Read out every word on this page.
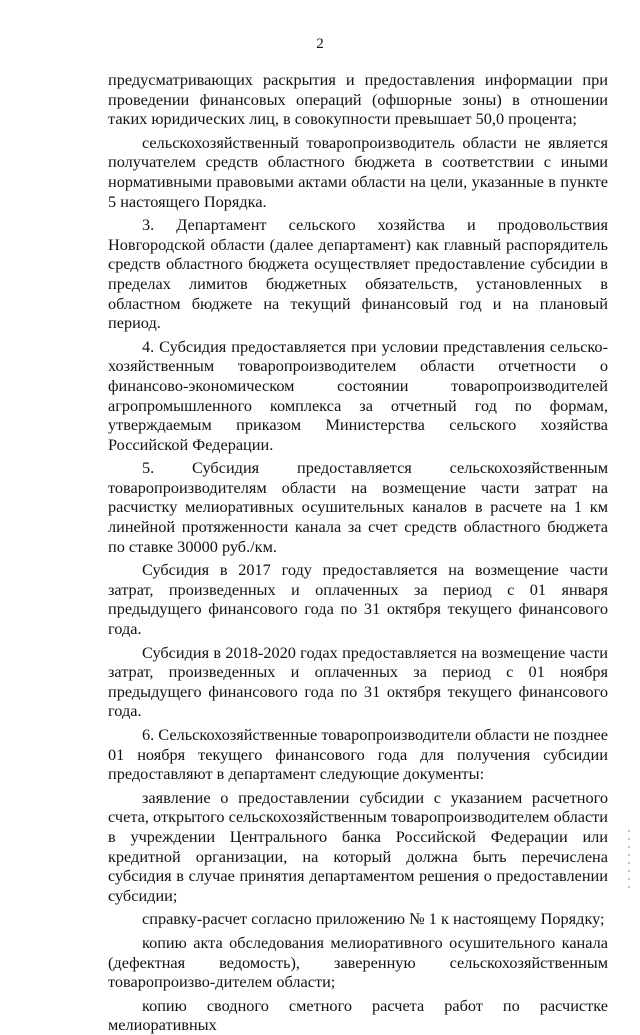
2

предусматривающих раскрытия и предоставления информации при проведении финансовых операций (офшорные зоны) в отношении таких юридических лиц, в совокупности превышает 50,0 процента;

сельскохозяйственный товаропроизводитель области не является получателем средств областного бюджета в соответствии с иными нормативными правовыми актами области на цели, указанные в пункте 5 настоящего Порядка.

3. Департамент сельского хозяйства и продовольствия Новгородской области (далее департамент) как главный распорядитель средств областного бюджета осуществляет предоставление субсидии в пределах лимитов бюджетных обязательств, установленных в областном бюджете на текущий финансовый год и на плановый период.

4. Субсидия предоставляется при условии представления сельско-хозяйственным товаропроизводителем области отчетности о финансово-экономическом состоянии товаропроизводителей агропромышленного комплекса за отчетный год по формам, утверждаемым приказом Министерства сельского хозяйства Российской Федерации.

5. Субсидия предоставляется сельскохозяйственным товаропроизводителям области на возмещение части затрат на расчистку мелиоративных осушительных каналов в расчете на 1 км линейной протяженности канала за счет средств областного бюджета по ставке 30000 руб./км.

Субсидия в 2017 году предоставляется на возмещение части затрат, произведенных и оплаченных за период с 01 января предыдущего финансового года по 31 октября текущего финансового года.

Субсидия в 2018-2020 годах предоставляется на возмещение части затрат, произведенных и оплаченных за период с 01 ноября предыдущего финансового года по 31 октября текущего финансового года.

6. Сельскохозяйственные товаропроизводители области не позднее 01 ноября текущего финансового года для получения субсидии предоставляют в департамент следующие документы:

заявление о предоставлении субсидии с указанием расчетного счета, открытого сельскохозяйственным товаропроизводителем области в учреждении Центрального банка Российской Федерации или кредитной организации, на который должна быть перечислена субсидия в случае принятия департаментом решения о предоставлении субсидии;

справку-расчет согласно приложению № 1 к настоящему Порядку;

копию акта обследования мелиоративного осушительного канала (дефектная ведомость), заверенную сельскохозяйственным товаропроизво-дителем области;

копию сводного сметного расчета работ по расчистке мелиоративных
